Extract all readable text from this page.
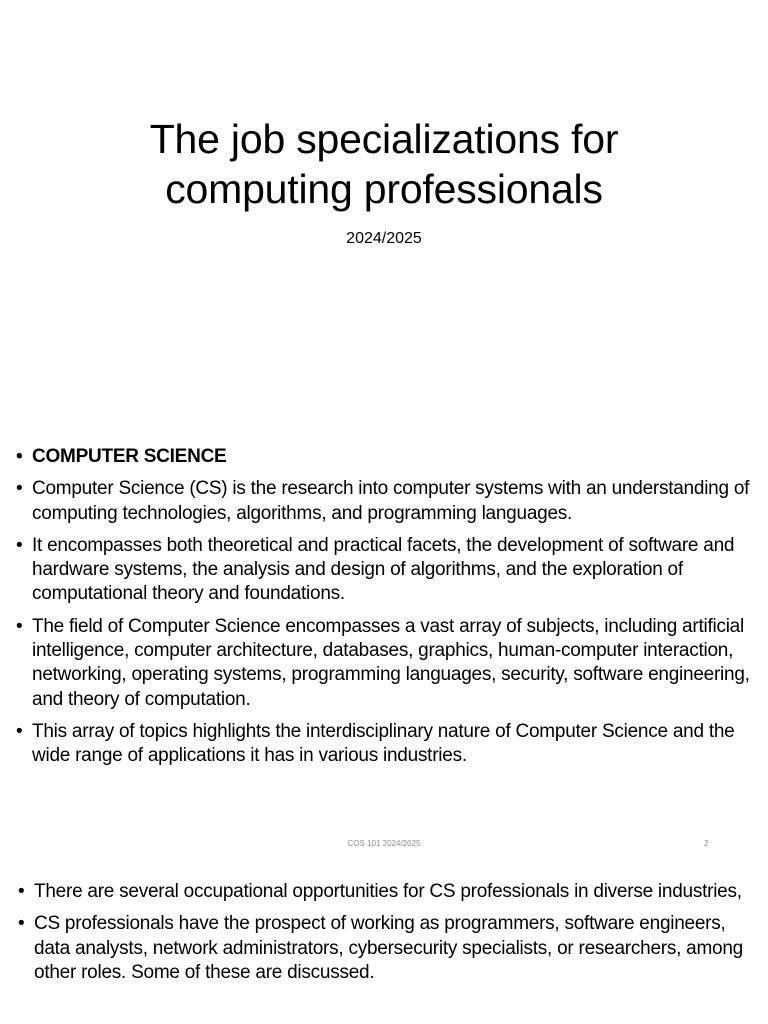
The job specializations for
computing professionals
2024/2025
• COMPUTER SCIENCE
• Computer Science (CS) is the research into computer systems with an understanding of computing technologies, algorithms, and programming languages.
• It encompasses both theoretical and practical facets, the development of software and hardware systems, the analysis and design of algorithms, and the exploration of computational theory and foundations.
• The field of Computer Science encompasses a vast array of subjects, including artificial intelligence, computer architecture, databases, graphics, human-computer interaction, networking, operating systems, programming languages, security, software engineering, and theory of computation.
• This array of topics highlights the interdisciplinary nature of Computer Science and the wide range of applications it has in various industries.
COS 101 2024/2025	2
• There are several occupational opportunities for CS professionals in diverse industries,
• CS professionals have the prospect of working as programmers, software engineers, data analysts, network administrators, cybersecurity specialists, or researchers, among other roles. Some of these are discussed.
